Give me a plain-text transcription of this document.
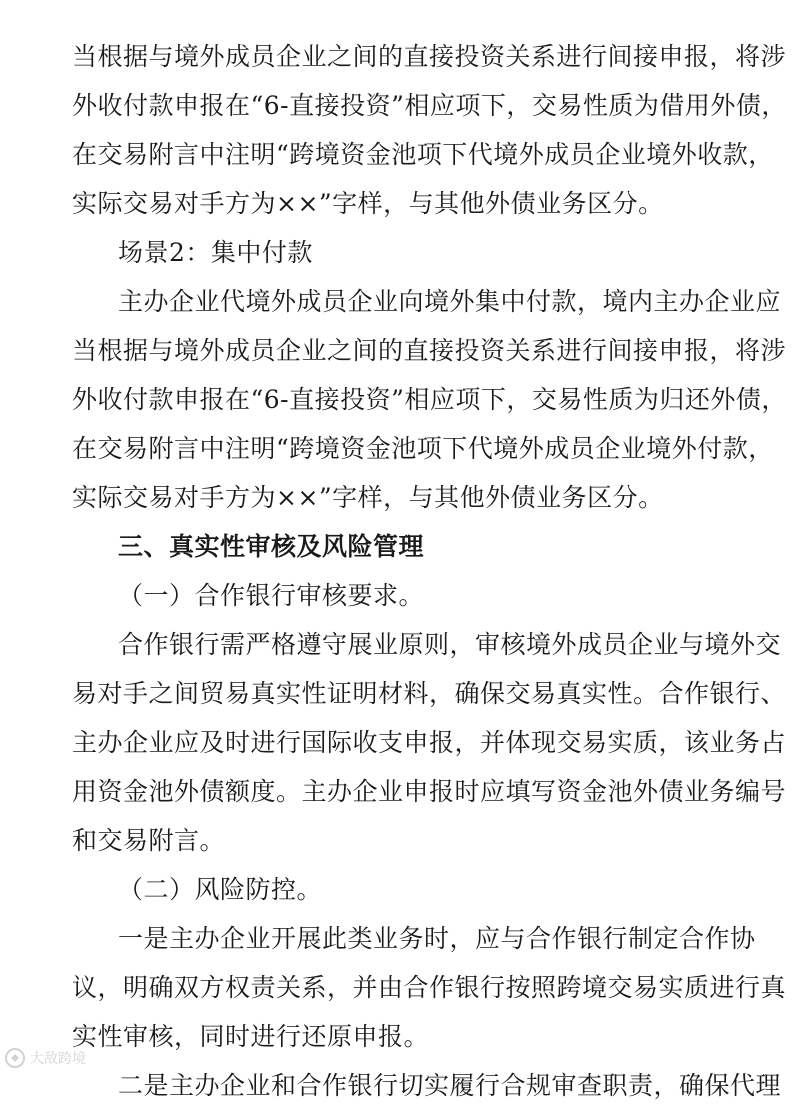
当根据与境外成员企业之间的直接投资关系进行间接申报，将涉
外收付款申报在“6-直接投资”相应项下，交易性质为借用外债，
在交易附言中注明“跨境资金池项下代境外成员企业境外收款，
实际交易对手方为××”字样，与其他外债业务区分。
场景2：集中付款
主办企业代境外成员企业向境外集中付款，境内主办企业应
当根据与境外成员企业之间的直接投资关系进行间接申报，将涉
外收付款申报在“6-直接投资”相应项下，交易性质为归还外债，
在交易附言中注明“跨境资金池项下代境外成员企业境外付款，
实际交易对手方为××”字样，与其他外债业务区分。
三、真实性审核及风险管理
（一）合作银行审核要求。
合作银行需严格遵守展业原则，审核境外成员企业与境外交
易对手之间贸易真实性证明材料，确保交易真实性。合作银行、
主办企业应及时进行国际收支申报，并体现交易实质，该业务占
用资金池外债额度。主办企业申报时应填写资金池外债业务编号
和交易附言。
（二）风险防控。
一是主办企业开展此类业务时，应与合作银行制定合作协
议，明确双方权责关系，并由合作银行按照跨境交易实质进行真
实性审核，同时进行还原申报。
二是主办企业和合作银行切实履行合规审查职责，确保代理
大敌跨境
